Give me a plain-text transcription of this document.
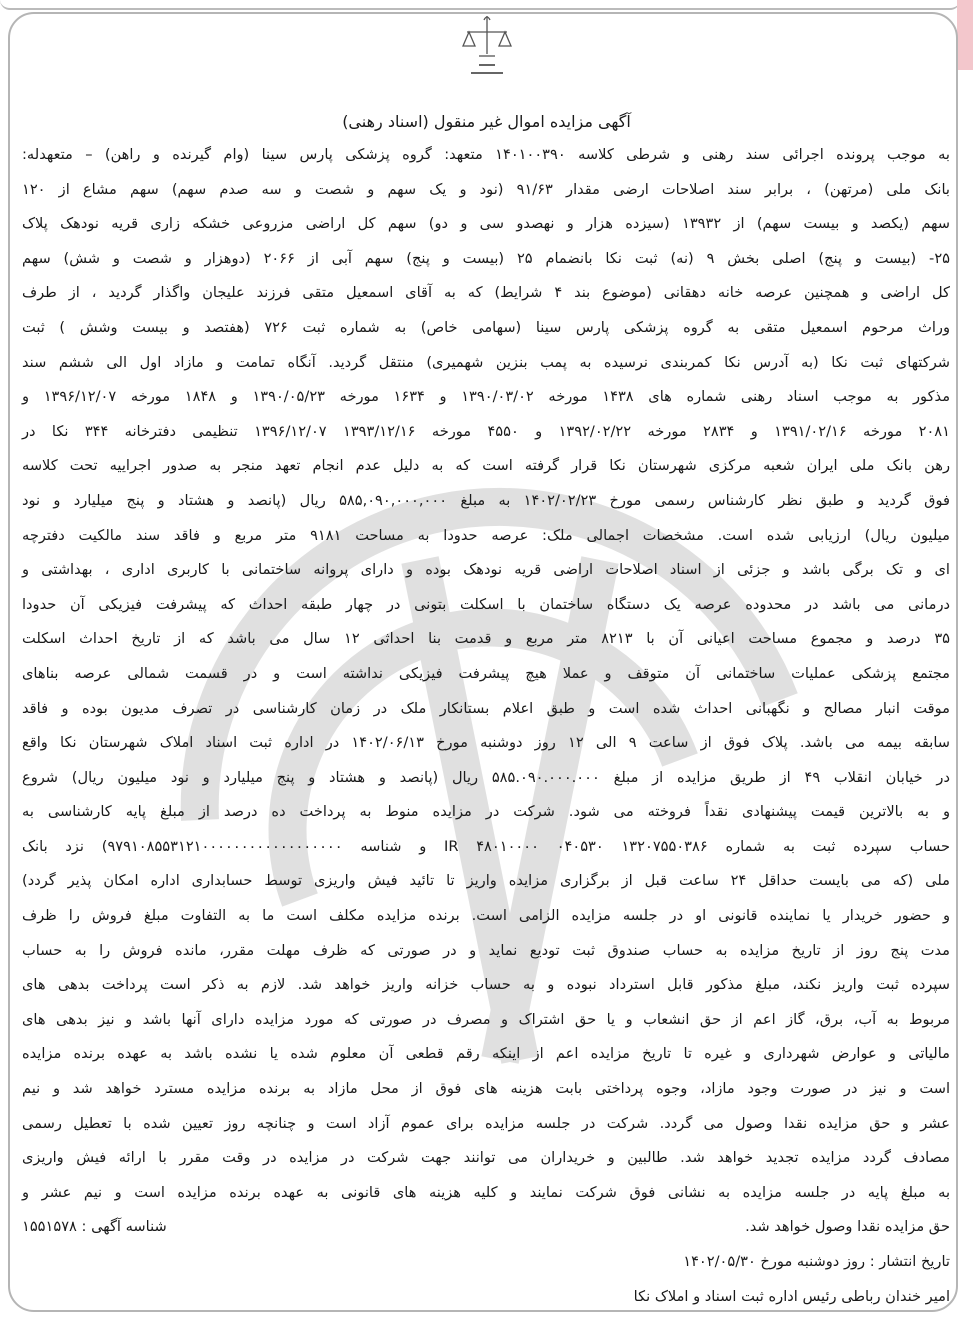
آگهی مزایده اموال غیر منقول (اسناد رهنی)
به موجب پرونده اجرائی سند رهنی و شرطی کلاسه ۱۴۰۱۰۰۳۹۰ متعهد: گروه پزشکی پارس سینا (وام گیرنده و راهن) – متعهدله:
بانک ملی (مرتهن) ، برابر سند اصلاحات ارضی مقدار ۹۱/۶۳ (نود و یک سهم و شصت و سه صدم سهم) سهم مشاع از ۱۲۰
سهم (یکصد و بیست سهم) از ۱۳۹۳۲ (سیزده هزار و نهصدو سی و دو) سهم کل اراضی مزروعی خشکه زاری قریه نودهک پلاک
۲۵- (بیست و پنج) اصلی بخش ۹ (نه) ثبت نکا بانضمام ۲۵ (بیست و پنج) سهم آبی از ۲۰۶۶ (دوهزار و شصت و شش) سهم
کل اراضی و همچنین عرصه خانه دهقانی (موضوع بند ۴ شرایط) که به آقای اسمعیل متقی فرزند علیجان واگذار گردید ، از طرف
وراث مرحوم اسمعیل متقی به گروه پزشکی پارس سینا (سهامی خاص) به شماره ثبت ۷۲۶ (هفتصد و بیست وشش ) ثبت
شرکتهای ثبت نکا (به آدرس نکا کمربندی نرسیده به پمب بنزین شهمیری) منتقل گردید. آنگاه تمامت و مازاد اول الی ششم سند
مذکور به موجب اسناد رهنی شماره های ۱۴۳۸ مورخه ۱۳۹۰/۰۳/۰۲ و ۱۶۳۴ مورخه ۱۳۹۰/۰۵/۲۳ و ۱۸۴۸ مورخه ۱۳۹۶/۱۲/۰۷ و
۲۰۸۱ مورخه ۱۳۹۱/۰۲/۱۶ و ۲۸۳۴ مورخه ۱۳۹۲/۰۲/۲۲ و ۴۵۵۰ مورخه ۱۳۹۳/۱۲/۱۶ ۱۳۹۶/۱۲/۰۷ تنظیمی دفترخانه ۳۴۴ نکا در
رهن بانک ملی ایران شعبه مرکزی شهرستان نکا قرار گرفته است که به دلیل عدم انجام تعهد منجر به صدور اجراییه تحت کلاسه
فوق گردید و طبق نظر کارشناس رسمی مورخ ۱۴۰۲/۰۲/۲۳ به مبلغ ۵۸۵,۰۹۰,۰۰۰,۰۰۰ ریال (پانصد و هشتاد و پنج میلیارد و نود
میلیون ریال) ارزیابی شده است. مشخصات اجمالی ملک: عرصه حدودا به مساحت ۹۱۸۱ متر مربع و فاقد سند مالکیت دفترچه
ای و تک برگی باشد و جزئی از اسناد اصلاحات اراضی قریه نودهک بوده و دارای پروانه ساختمانی با کاربری اداری ، بهداشتی و
درمانی می باشد در محدوده عرصه یک دستگاه ساختمان با اسکلت بتونی در چهار طبقه احداث که پیشرفت فیزیکی آن حدودا
۳۵ درصد و مجموع مساحت اعیانی آن با ۸۲۱۳ متر مربع و قدمت بنا احداثی ۱۲ سال می باشد که از تاریخ احداث اسکلت
مجتمع پزشکی عملیات ساختمانی آن متوقف و عملا هیچ پیشرفت فیزیکی نداشته است و در قسمت شمالی عرصه بناهای
موقت انبار مصالح و نگهبانی احداث شده است و طبق اعلام بستانکار ملک در زمان کارشناسی در تصرف مدیون بوده و فاقد
سابقه بیمه می باشد. پلاک فوق از ساعت ۹ الی ۱۲ روز دوشنبه مورخ ۱۴۰۲/۰۶/۱۳ در اداره ثبت اسناد املاک شهرستان نکا واقع
در خیابان انقلاب ۴۹ از طریق مزایده از مبلغ ۵۸۵.۰۹۰.۰۰۰.۰۰۰ ریال (پانصد و هشتاد و پنج میلیارد و نود میلیون ریال) شروع
و به بالاترین قیمت پیشنهادی نقداً فروخته می شود. شرکت در مزایده منوط به پرداخت ده درصد از مبلغ پایه کارشناسی به
حساب سپرده ثبت به شماره ۱۳۲۰۷۵۵۰۳۸۶ ۰۴۰۵۳۰ IR ۴۸۰۱۰۰۰۰ و شناسه ۹۷۹۱۰۸۵۵۳۱۲۱۰۰۰۰۰۰۰۰۰۰۰۰۰۰۰۰۰۰) نزد بانک
ملی (که می بایست حداقل ۲۴ ساعت قبل از برگزاری مزایده واریز تا تائید فیش واریزی توسط حسابداری اداره امکان پذیر گردد)
و حضور خریدار یا نماینده قانونی او در جلسه مزایده الزامی است. برنده مزایده مکلف است ما به التفاوت مبلغ فروش را ظرف
مدت پنج روز از تاریخ مزایده به حساب صندوق ثبت تودیع نماید و در صورتی که ظرف مهلت مقرر، مانده فروش را به حساب
سپرده ثبت واریز نکند، مبلغ مذکور قابل استرداد نبوده و به حساب خزانه واریز خواهد شد. لازم به ذکر است پرداخت بدهی های
مربوط به آب، برق، گاز اعم از حق انشعاب و یا حق اشتراک و مصرف در صورتی که مورد مزایده دارای آنها باشد و نیز بدهی های
مالیاتی و عوارض شهرداری و غیره تا تاریخ مزایده اعم از اینکه رقم قطعی آن معلوم شده یا نشده باشد به عهده برنده مزایده
است و نیز در صورت وجود مازاد، وجوه پرداختی بابت هزینه های فوق از محل مازاد به برنده مزایده مسترد خواهد شد و نیم
عشر و حق مزایده نقدا وصول می گردد. شرکت در جلسه مزایده برای عموم آزاد است و چنانچه روز تعیین شده با تعطیل رسمی
مصادف گردد مزایده تجدید خواهد شد. طالبین و خریداران می توانند جهت شرکت در مزایده در وقت مقرر با ارائه فیش واریزی
به مبلغ پایه در جلسه مزایده به نشانی فوق شرکت نمایند و کلیه هزینه های قانونی به عهده برنده مزایده است و نیم عشر و
حق مزایده نقدا وصول خواهد شد.
شناسه آگهی : ۱۵۵۱۵۷۸
تاریخ انتشار : روز دوشنبه مورخ ۱۴۰۲/۰۵/۳۰
امیر خندان رباطی رئیس اداره ثبت اسناد و املاک نکا
